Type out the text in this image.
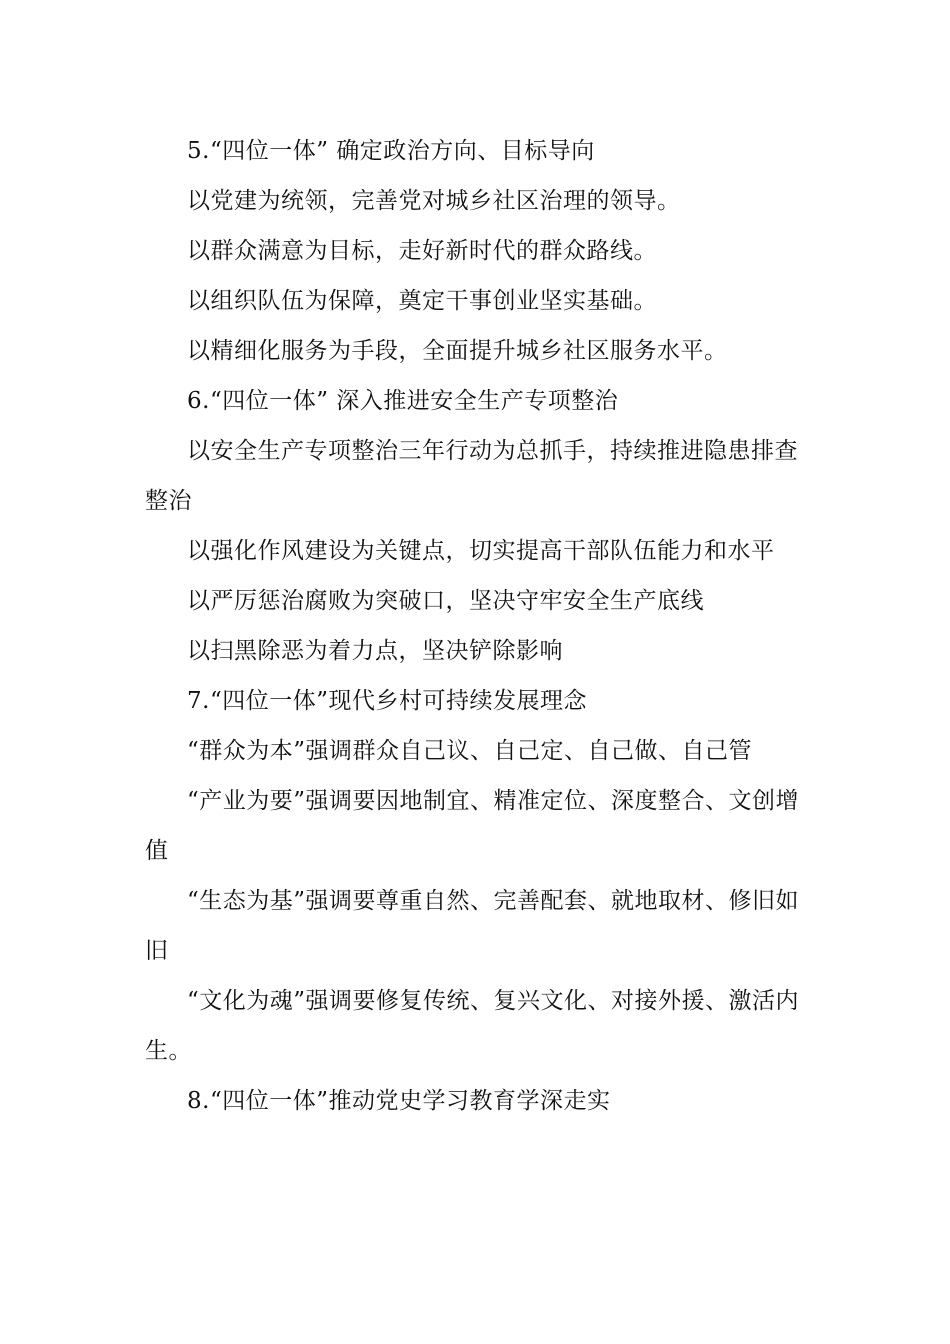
5.“四位一体” 确定政治方向、目标导向

以党建为统领，完善党对城乡社区治理的领导。

以群众满意为目标，走好新时代的群众路线。

以组织队伍为保障，奠定干事创业坚实基础。

以精细化服务为手段，全面提升城乡社区服务水平。

6.“四位一体” 深入推进安全生产专项整治

以安全生产专项整治三年行动为总抓手，持续推进隐患排查整治

以强化作风建设为关键点，切实提高干部队伍能力和水平

以严厉惩治腐败为突破口，坚决守牢安全生产底线

以扫黑除恶为着力点，坚决铲除影响

7.“四位一体”现代乡村可持续发展理念

“群众为本”强调群众自己议、自己定、自己做、自己管

“产业为要”强调要因地制宜、精准定位、深度整合、文创增值

“生态为基”强调要尊重自然、完善配套、就地取材、修旧如旧

“文化为魂”强调要修复传统、复兴文化、对接外援、激活内生。

8.“四位一体”推动党史学习教育学深走实
